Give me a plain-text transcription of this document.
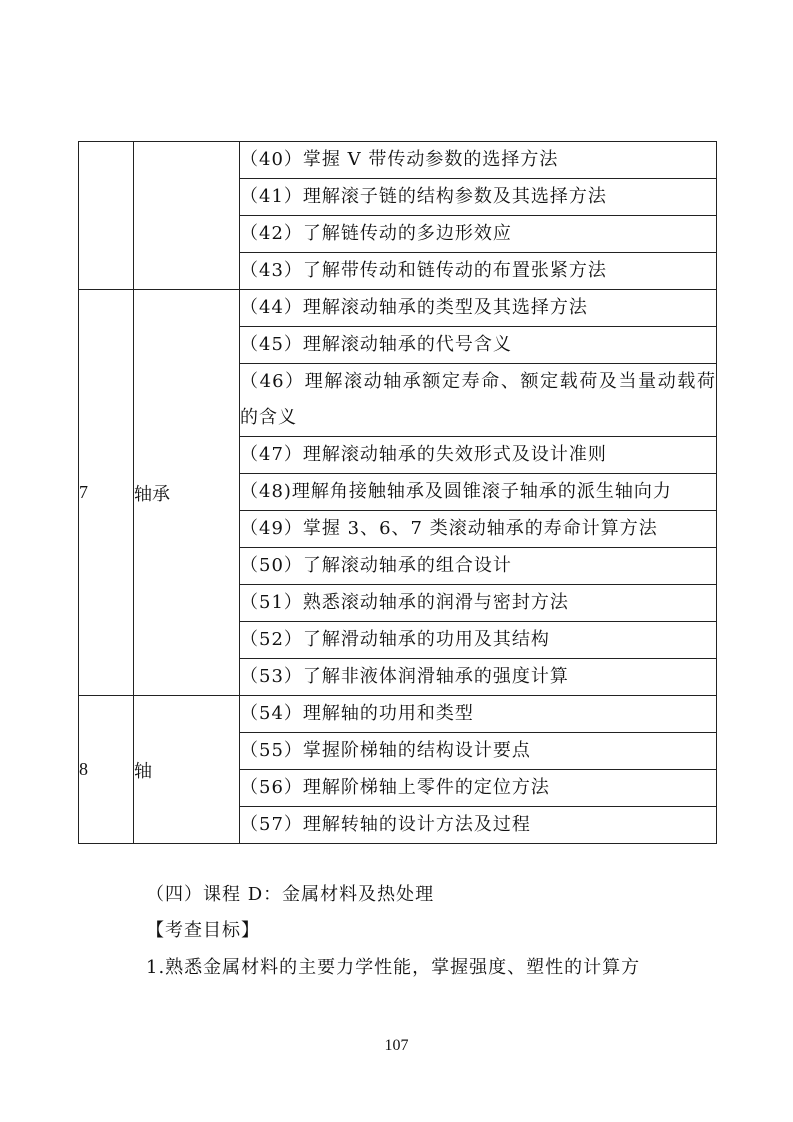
		（40）掌握 V 带传动参数的选择方法
		（41）理解滚子链的结构参数及其选择方法
		（42）了解链传动的多边形效应
		（43）了解带传动和链传动的布置张紧方法
7	轴承	（44）理解滚动轴承的类型及其选择方法
		（45）理解滚动轴承的代号含义
		（46）理解滚动轴承额定寿命、额定载荷及当量动载荷的含义
		（47）理解滚动轴承的失效形式及设计准则
		（48)理解角接触轴承及圆锥滚子轴承的派生轴向力
		（49）掌握 3、6、7 类滚动轴承的寿命计算方法
		（50）了解滚动轴承的组合设计
		（51）熟悉滚动轴承的润滑与密封方法
		（52）了解滑动轴承的功用及其结构
		（53）了解非液体润滑轴承的强度计算
8	轴	（54）理解轴的功用和类型
		（55）掌握阶梯轴的结构设计要点
		（56）理解阶梯轴上零件的定位方法
		（57）理解转轴的设计方法及过程
（四）课程 D：金属材料及热处理
【考查目标】
1.熟悉金属材料的主要力学性能，掌握强度、塑性的计算方
107
